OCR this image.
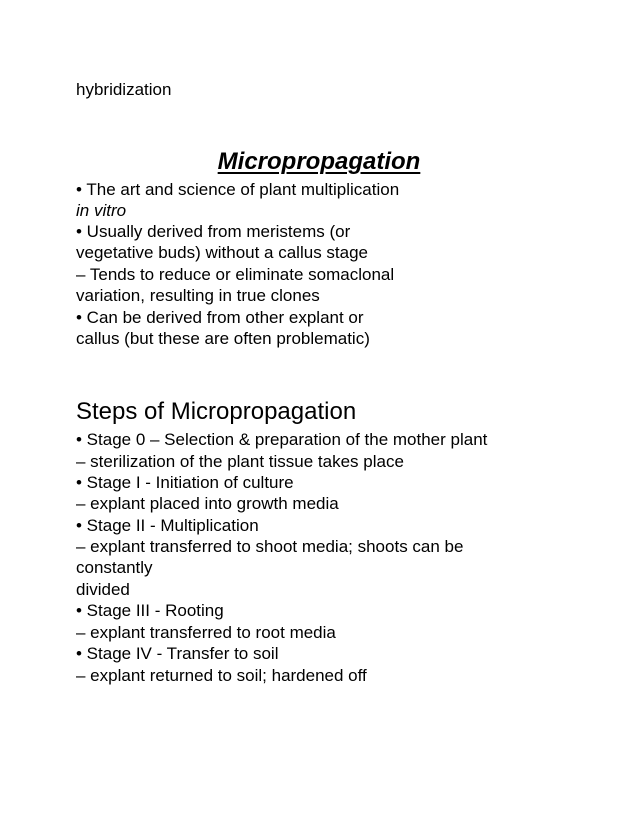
hybridization
Micropropagation
• The art and science of plant multiplication
in vitro
• Usually derived from meristems (or
vegetative buds) without a callus stage
– Tends to reduce or eliminate somaclonal
variation, resulting in true clones
• Can be derived from other explant or
callus (but these are often problematic)
Steps of Micropropagation
• Stage 0 – Selection & preparation of the mother plant
– sterilization of the plant tissue takes place
• Stage I - Initiation of culture
– explant placed into growth media
• Stage II - Multiplication
– explant transferred to shoot media; shoots can be
constantly
divided
• Stage III - Rooting
– explant transferred to root media
• Stage IV - Transfer to soil
– explant returned to soil; hardened off
